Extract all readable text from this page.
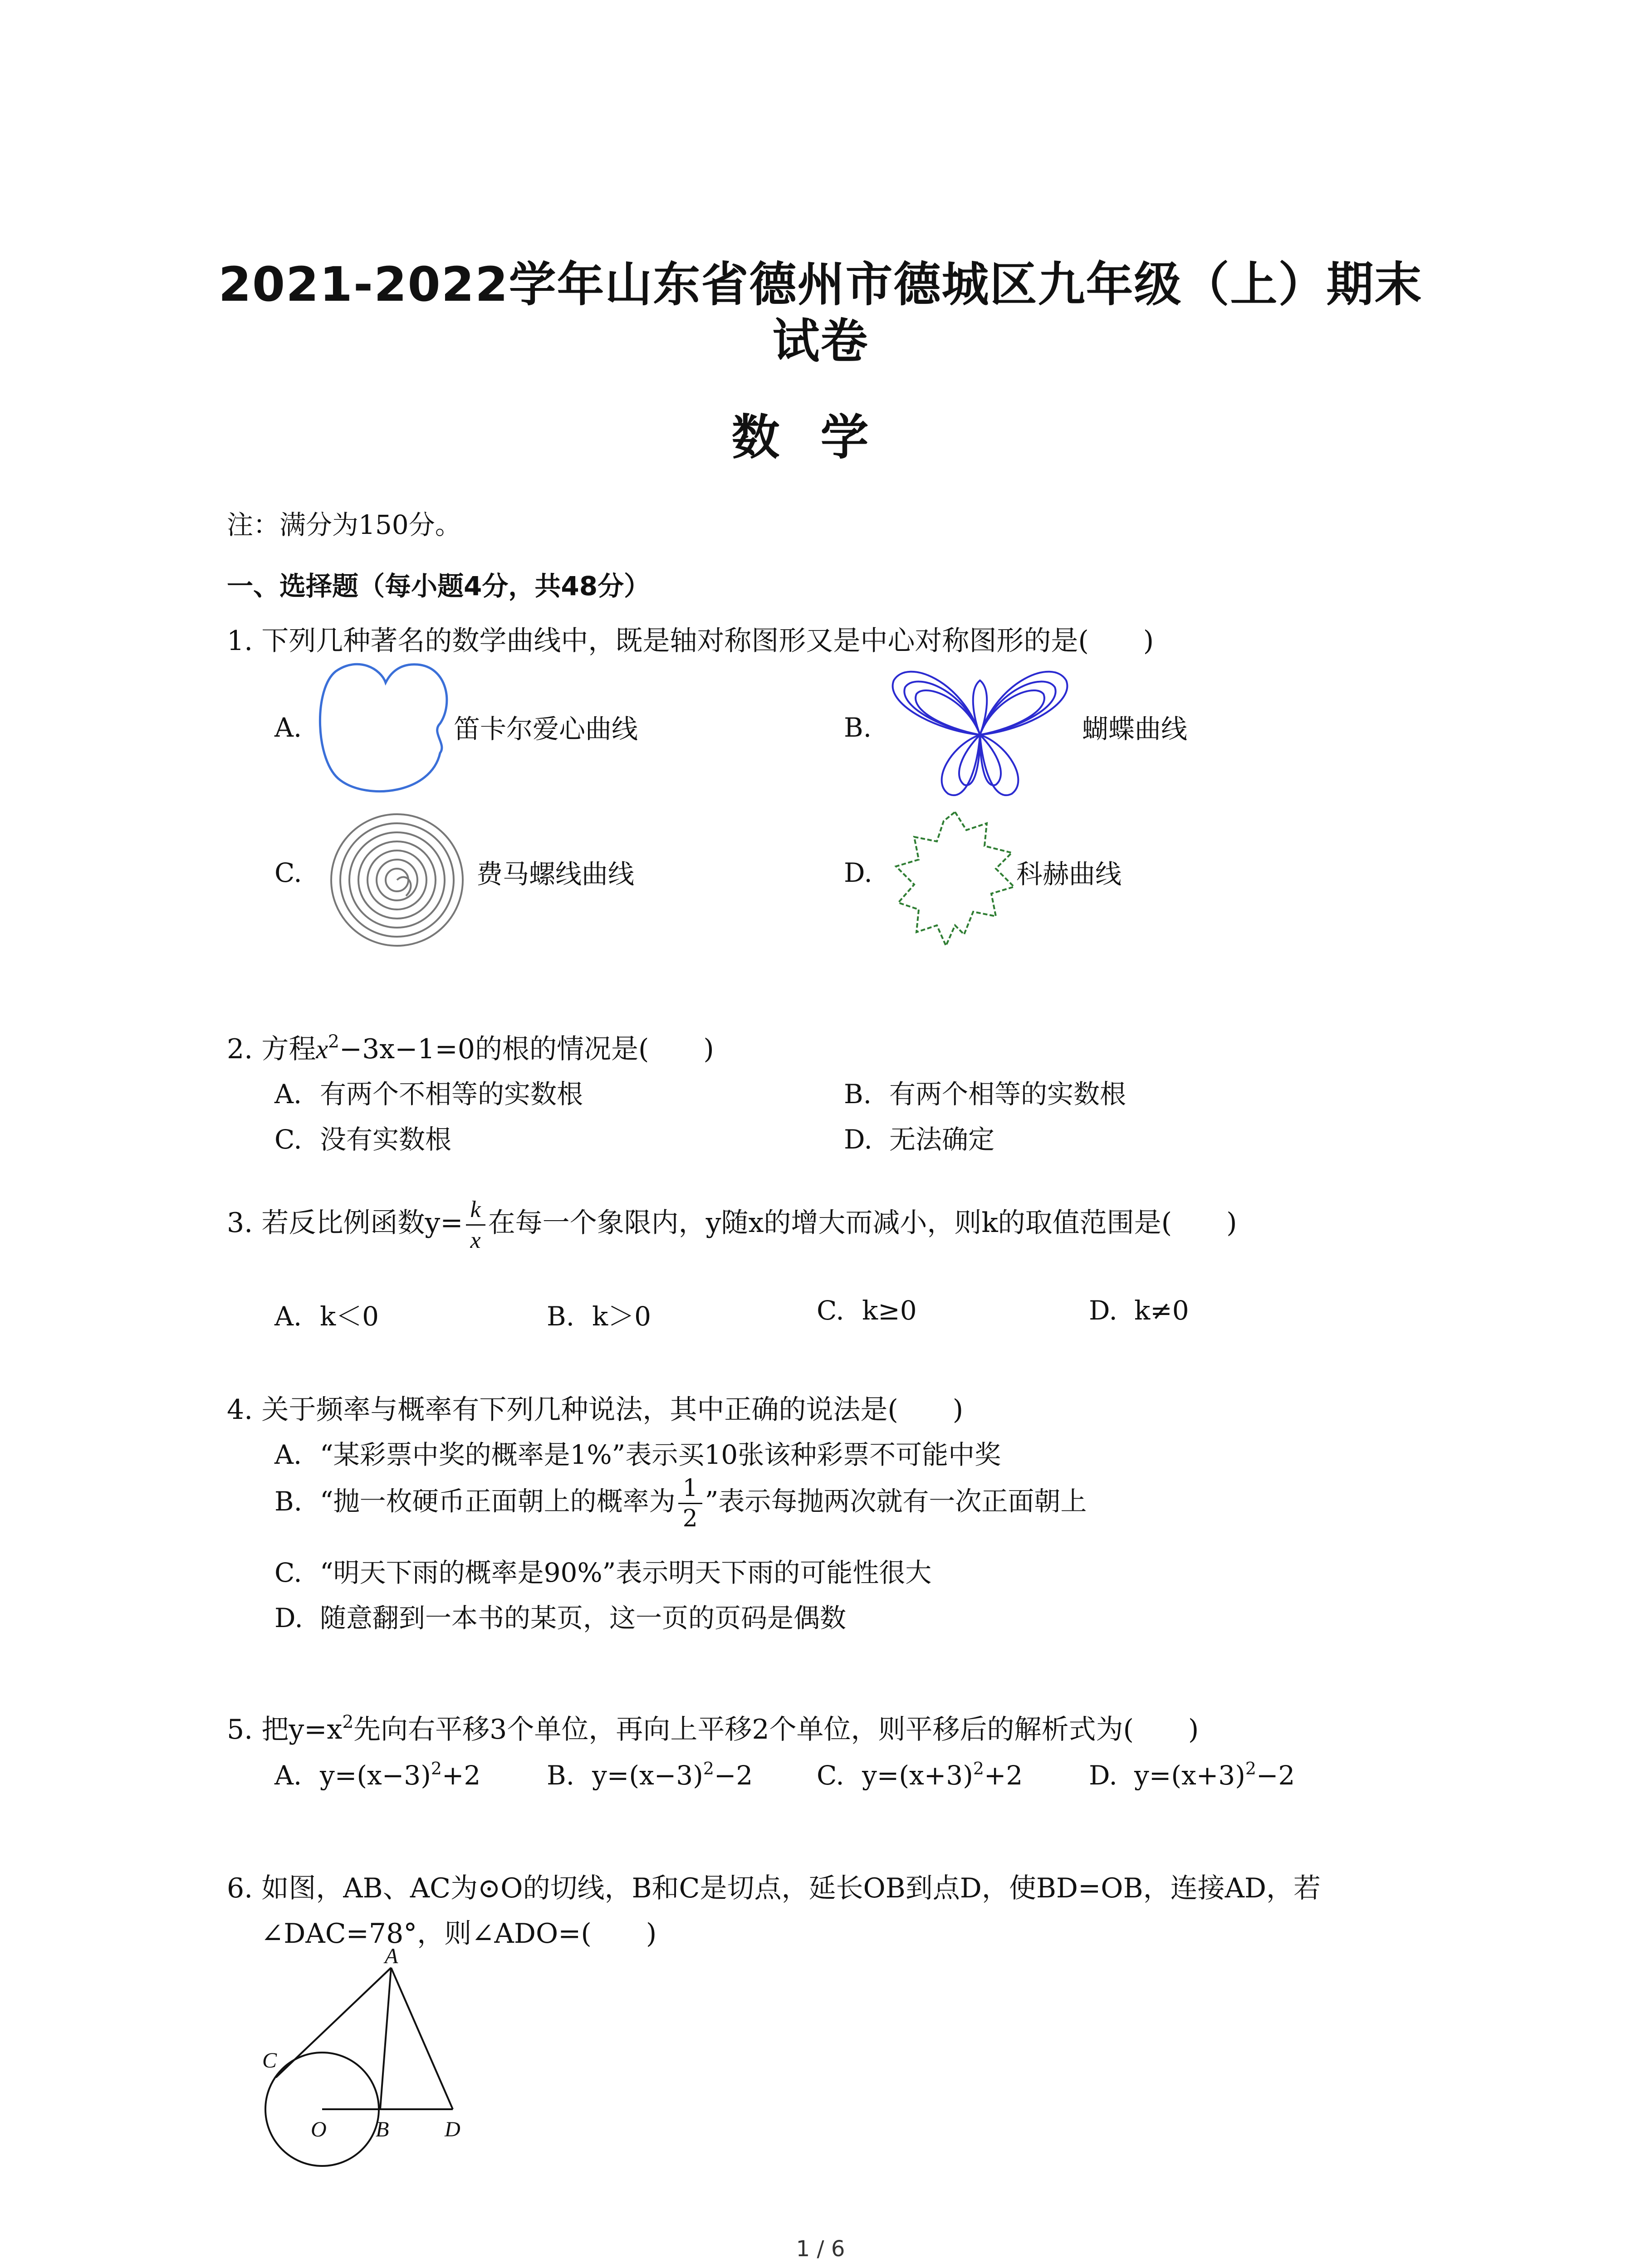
2021-2022学年山东省德州市德城区九年级（上）期末
试卷
数学
注：满分为150分。
一、选择题（每小题4分，共48分）
1. 下列几种著名的数学曲线中，既是轴对称图形又是中心对称图形的是(　　)
A.	笛卡尔爱心曲线	B.	蝴蝶曲线
C.	费马螺线曲线	D.	科赫曲线
2. 方程$x^2-3x-1=0$的根的情况是(　　)
A. 有两个不相等的实数根	B. 有两个相等的实数根
C. 没有实数根	D. 无法确定
3. 若反比例函数$y= \frac{k}{x}$ 在每一个象限内，y随x的增大而减小，则k的取值范围是(　　)
A. k＜0	B. k＞0	C. k≥0	D. k≠0
4. 关于频率与概率有下列几种说法，其中正确的说法是(　　)
A. “某彩票中奖的概率是1%”表示买10张该种彩票不可能中奖
B. “抛一枚硬币正面朝上的概率为 $\frac{1}{2}$ ”表示每抛两次就有一次正面朝上
C. “明天下雨的概率是90%”表示明天下雨的可能性很大
D. 随意翻到一本书的某页，这一页的页码是偶数
5. 把$y=x^2$先向右平移3个单位，再向上平移2个单位，则平移后的解析式为(　　)
A. $y=(x-3)^2+2$	B. $y=(x-3)^2-2$ C. $y=(x+3)^2+2$	D. $y=(x+3)^2-2$
6. 如图，AB、AC为⊙O的切线，B和C是切点，延长OB到点D，使BD=OB，连接AD，若
∠DAC=78°，则∠ADO=(　　)
A
C
O B	D
1 / 6
